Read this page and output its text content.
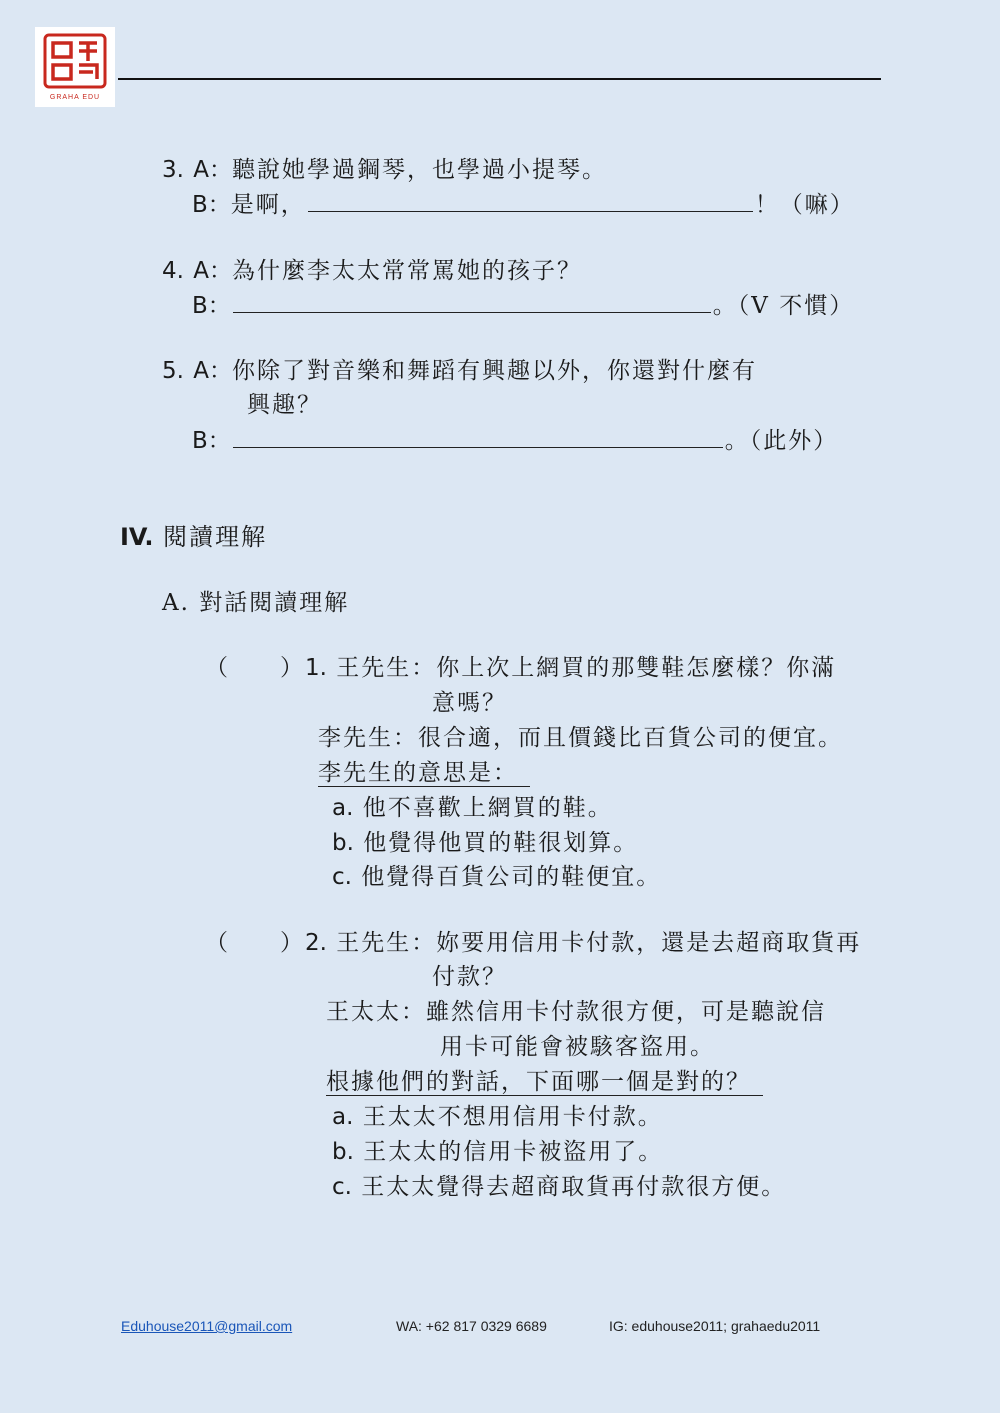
GRAHA EDU
3. A：聽說她學過鋼琴，也學過小提琴。
B：是啊，	！（嘛）
4. A：為什麼李太太常常罵她的孩子？
B：	。（V 不慣）
5. A：你除了對音樂和舞蹈有興趣以外，你還對什麼有
興趣？
B：	。（此外）
IV. 閱讀理解
A. 對話閱讀理解
（　　）1. 王先生：你上次上網買的那雙鞋怎麼樣？你滿
意嗎？
李先生：很合適，而且價錢比百貨公司的便宜。
李先生的意思是：
a. 他不喜歡上網買的鞋。
b. 他覺得他買的鞋很划算。
c. 他覺得百貨公司的鞋便宜。
（　　）2. 王先生：妳要用信用卡付款，還是去超商取貨再
付款？
王太太：雖然信用卡付款很方便，可是聽說信
用卡可能會被駭客盜用。
根據他們的對話，下面哪一個是對的？
a. 王太太不想用信用卡付款。
b. 王太太的信用卡被盜用了。
c. 王太太覺得去超商取貨再付款很方便。
Eduhouse2011@gmail.com	WA: +62 817 0329 6689	IG: eduhouse2011; grahaedu2011
